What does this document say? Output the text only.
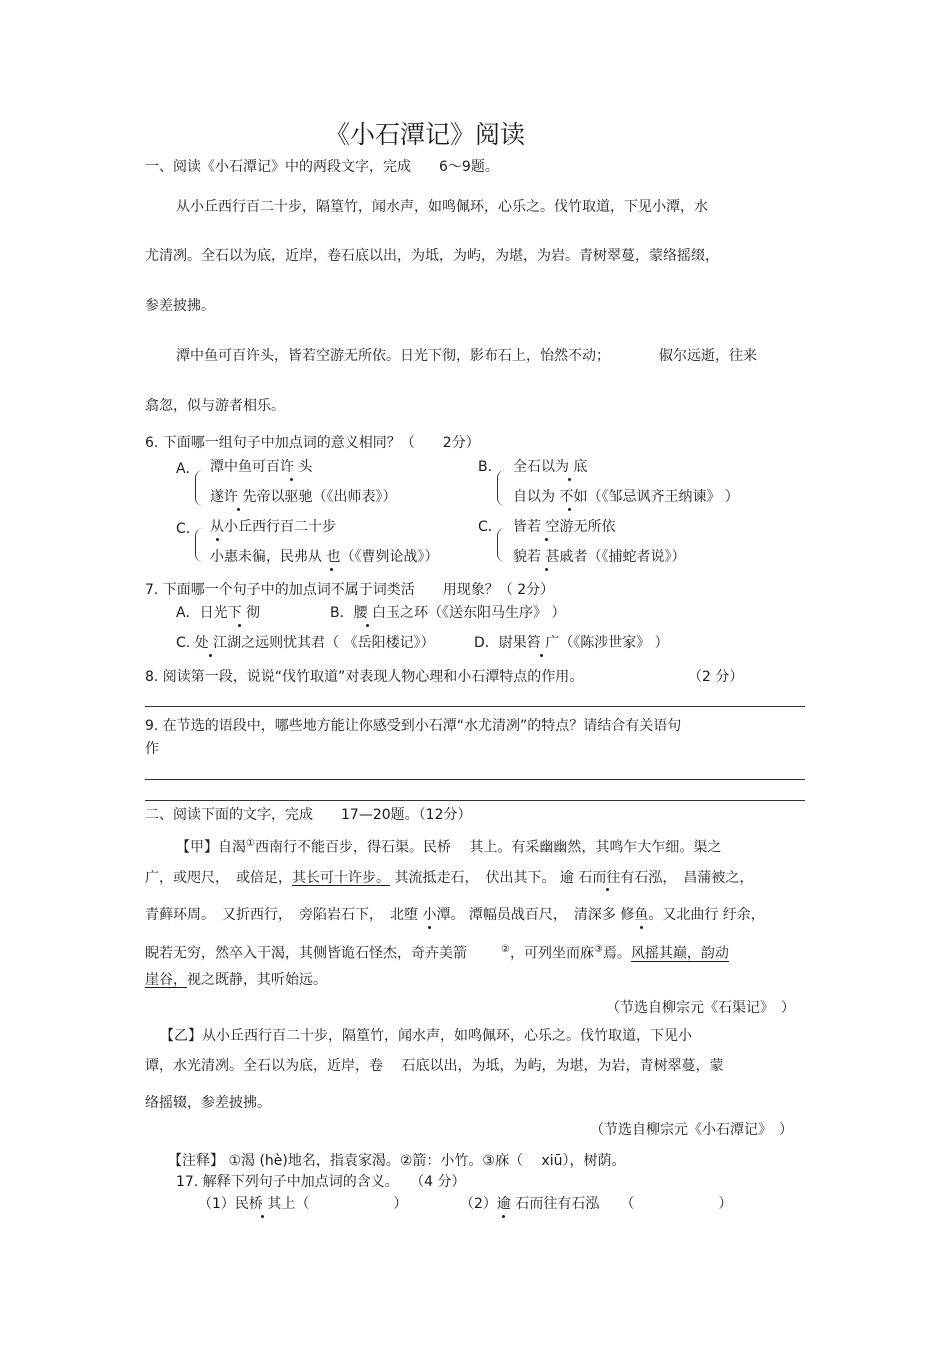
《小石潭记》阅读
一、阅读《小石潭记》中的两段文字，完成　　6～9题。
从小丘西行百二十步，隔篁竹，闻水声，如鸣佩环，心乐之。伐竹取道，下见小潭，水
尤清冽。全石以为底，近岸，卷石底以出，为坻，为屿，为堪，为岩。青树翠蔓，蒙络摇缀，
参差披拂。
潭中鱼可百许头，皆若空游无所依。日光下彻，影布石上，怡然不动；　　　　俶尔远逝，往来
翕忽，似与游者相乐。
6. 下面哪一组句子中加点词的意义相同？（　　2分）
A． 潭中鱼可百许 头
遂许 先帝以驱驰（《出师表》）
B． 全石以为 底
自以为 不如（《邹忌讽齐王纳谏》 ）
C． 从小丘西行百二十步
小惠未徧，民弗从 也（《曹刿论战》）
C． 皆若 空游无所依
貌若 甚戚者（《捕蛇者说》）
7. 下面哪一个句子中的加点词不属于词类活　　用现象？（ 2分）
A．日光下 彻	B．腰 白玉之环（《送东阳马生序》 ）
C. 处 江湖之远则忧其君（ 《岳阳楼记》）	D．尉果笞 广（《陈涉世家》 ）
8. 阅读第一段，说说“伐竹取道”对表现人物心理和小石潭特点的作用。	（2 分）
9. 在节选的语段中，哪些地方能让你感受到小石潭“水尤清冽”的特点？请结合有关语句
作
二、阅读下面的文字，完成　　17—20题。（12分）
【甲】自渴①西南行不能百步，得石渠。民桥　 其上。有采幽幽然，其鸣乍大乍细。渠之
广，或咫尺，　或倍足，其长可十许步。 其流抵走石，　伏出其下。 逾 石而往有石泓，　昌蒲被之，
青藓环周。　又折西行，　旁陷岩石下，　北堕 小潭。 潭幅员战百尺，　清深多 修鱼。又北曲行 纡余，
睨若无穷，然卒入干渴，其侧皆诡石怪杰，奇卉美箭	②，可列坐而庥③焉。风摇其巅，韵动
崖谷，视之既静，其听始远。
（节选自柳宗元《石渠记》　）
【乙】从小丘西行百二十步，隔篁竹，闻水声，如鸣佩环，心乐之。伐竹取道，下见小
谭，水光清冽。全石以为底，近岸，卷　 石底以出，为坻，为屿，为堪，为岩，青树翠蔓，蒙
络摇辍，参差披拂。
（节选自柳宗元《小石潭记》　）
【注释】 ①渴 (hè)地名，指袁家渴。②箭：小竹。③庥（　 xiū），树荫。
17. 解释下列句子中加点词的含义。　 （4 分）
（1）民桥 其上（　　　　　　）	（2）逾 石而往有石泓　　（　　　　　　）
